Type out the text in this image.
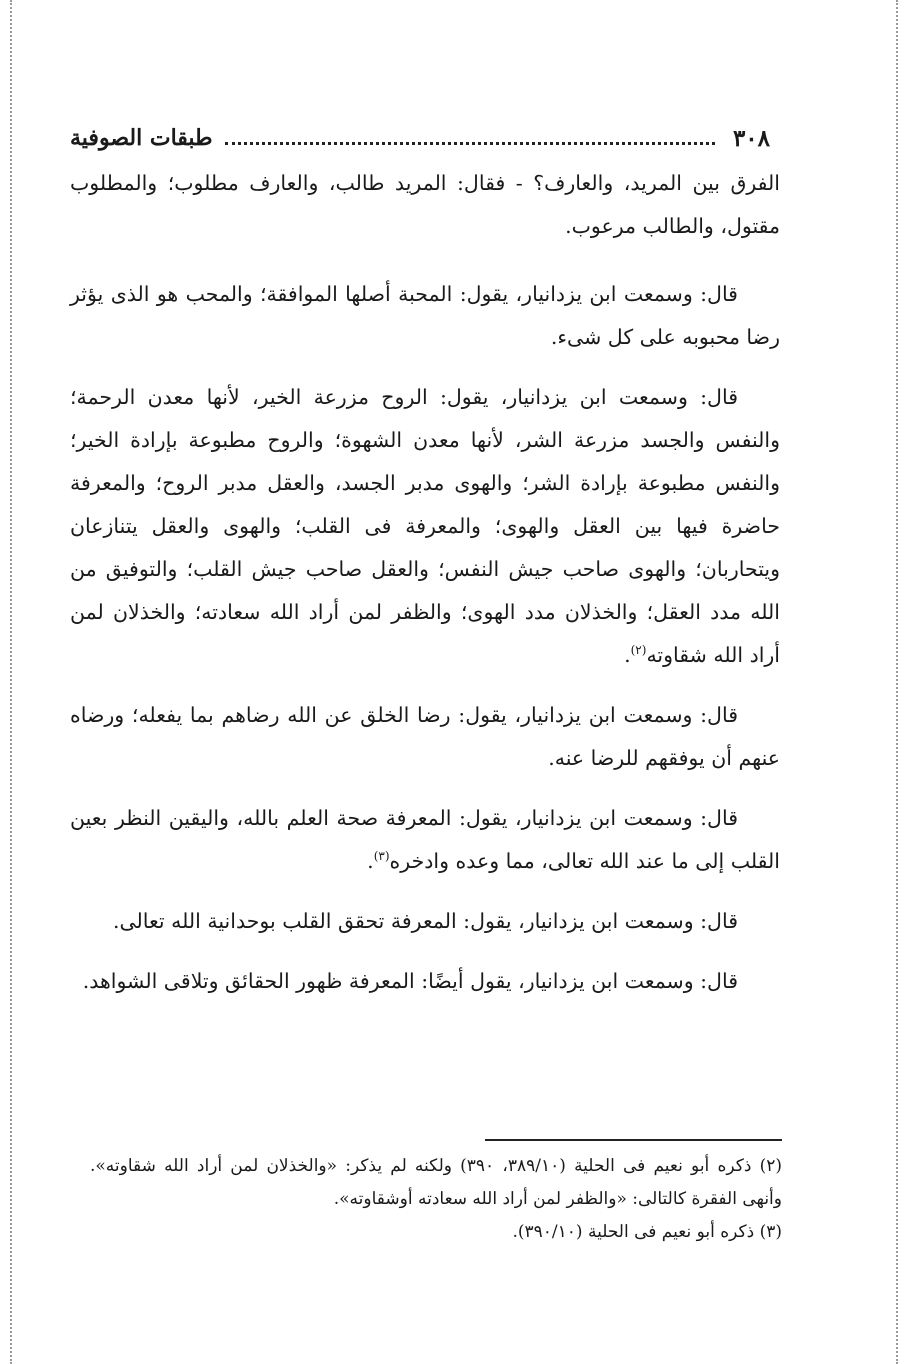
٣٠٨
طبقات الصوفية

الفرق بين المريد، والعارف؟ - فقال: المريد طالب، والعارف مطلوب؛ والمطلوب مقتول، والطالب مرعوب.

قال: وسمعت ابن يزدانيار، يقول: المحبة أصلها الموافقة؛ والمحب هو الذى يؤثر رضا محبوبه على كل شىء.

قال: وسمعت ابن يزدانيار، يقول: الروح مزرعة الخير، لأنها معدن الرحمة؛ والنفس والجسد مزرعة الشر، لأنها معدن الشهوة؛ والروح مطبوعة بإرادة الخير؛ والنفس مطبوعة بإرادة الشر؛ والهوى مدبر الجسد، والعقل مدبر الروح؛ والمعرفة حاضرة فيها بين العقل والهوى؛ والمعرفة فى القلب؛ والهوى والعقل يتنازعان ويتحاربان؛ والهوى صاحب جيش النفس؛ والعقل صاحب جيش القلب؛ والتوفيق من الله مدد العقل؛ والخذلان مدد الهوى؛ والظفر لمن أراد الله سعادته؛ والخذلان لمن أراد الله شقاوته$^{(٢)}$.

قال: وسمعت ابن يزدانيار، يقول: رضا الخلق عن الله رضاهم بما يفعله؛ ورضاه عنهم أن يوفقهم للرضا عنه.

قال: وسمعت ابن يزدانيار، يقول: المعرفة صحة العلم بالله، واليقين النظر بعين القلب إلى ما عند الله تعالى، مما وعده وادخره$^{(٣)}$.

قال: وسمعت ابن يزدانيار، يقول: المعرفة تحقق القلب بوحدانية الله تعالى.

قال: وسمعت ابن يزدانيار، يقول أيضًا: المعرفة ظهور الحقائق وتلاقى الشواهد.

(٢) ذكره أبو نعيم فى الحلية (٣٨٩/١٠، ٣٩٠) ولكنه لم يذكر: «والخذلان لمن أراد الله شقاوته». وأنهى الفقرة كالتالى: «والظفر لمن أراد الله سعادته أوشقاوته».

(٣) ذكره أبو نعيم فى الحلية (٣٩٠/١٠).
